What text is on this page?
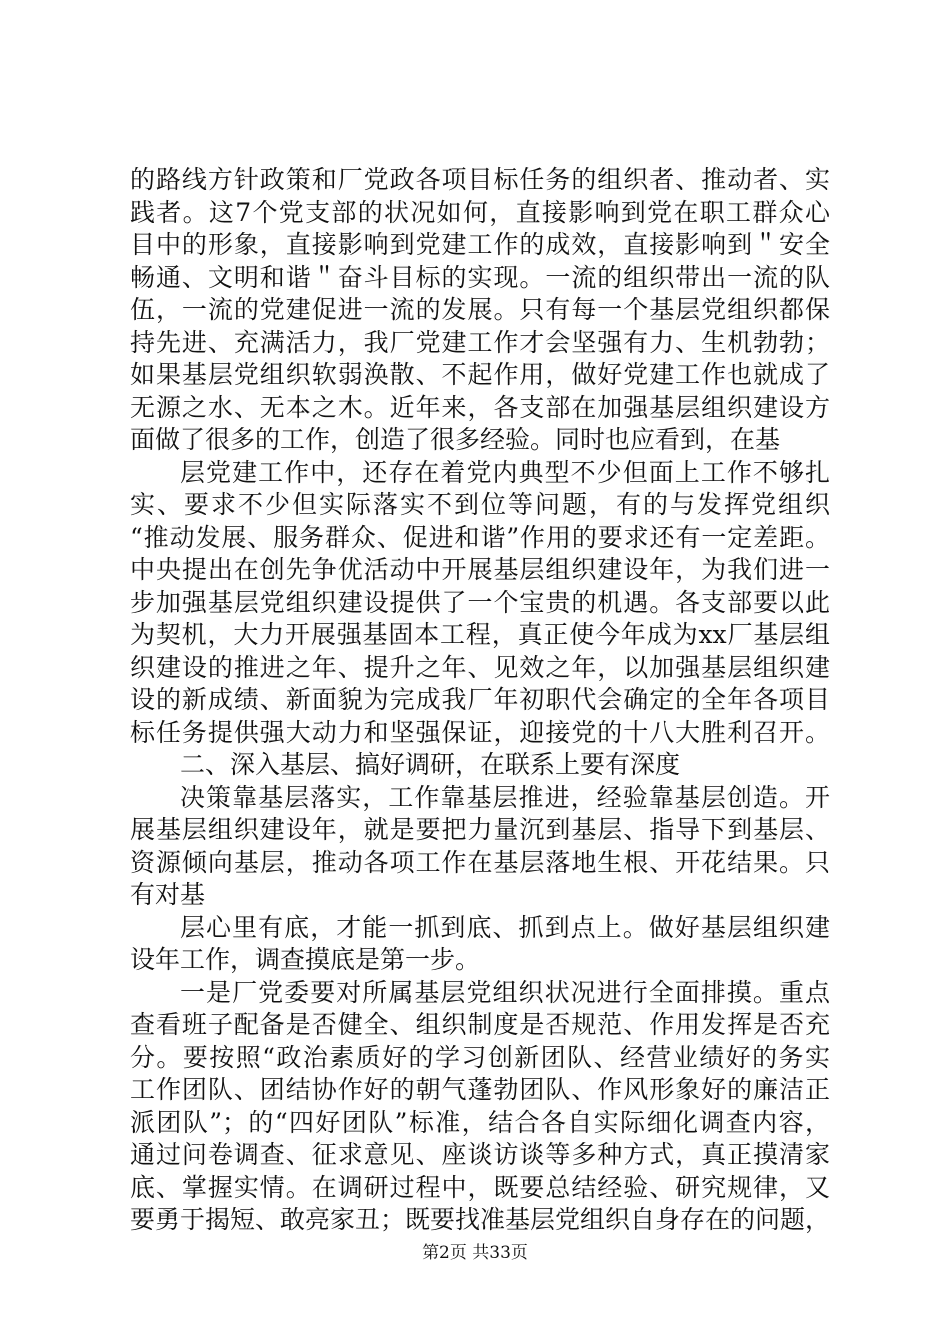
的路线方针政策和厂党政各项目标任务的组织者、推动者、实
践者。这7个党支部的状况如何，直接影响到党在职工群众心
目中的形象，直接影响到党建工作的成效，直接影响到＂安全
畅通、文明和谐＂奋斗目标的实现。一流的组织带出一流的队
伍，一流的党建促进一流的发展。只有每一个基层党组织都保
持先进、充满活力，我厂党建工作才会坚强有力、生机勃勃；
如果基层党组织软弱涣散、不起作用，做好党建工作也就成了
无源之水、无本之木。近年来，各支部在加强基层组织建设方
面做了很多的工作，创造了很多经验。同时也应看到，在基
层党建工作中，还存在着党内典型不少但面上工作不够扎
实、要求不少但实际落实不到位等问题，有的与发挥党组织
“推动发展、服务群众、促进和谐”作用的要求还有一定差距。
中央提出在创先争优活动中开展基层组织建设年，为我们进一
步加强基层党组织建设提供了一个宝贵的机遇。各支部要以此
为契机，大力开展强基固本工程，真正使今年成为xx厂基层组
织建设的推进之年、提升之年、见效之年，以加强基层组织建
设的新成绩、新面貌为完成我厂年初职代会确定的全年各项目
标任务提供强大动力和坚强保证，迎接党的十八大胜利召开。
二、深入基层、搞好调研，在联系上要有深度
决策靠基层落实，工作靠基层推进，经验靠基层创造。开
展基层组织建设年，就是要把力量沉到基层、指导下到基层、
资源倾向基层，推动各项工作在基层落地生根、开花结果。只
有对基
层心里有底，才能一抓到底、抓到点上。做好基层组织建
设年工作，调查摸底是第一步。
一是厂党委要对所属基层党组织状况进行全面排摸。重点
查看班子配备是否健全、组织制度是否规范、作用发挥是否充
分。要按照“政治素质好的学习创新团队、经营业绩好的务实
工作团队、团结协作好的朝气蓬勃团队、作风形象好的廉洁正
派团队”；的“四好团队”标准，结合各自实际细化调查内容，
通过问卷调查、征求意见、座谈访谈等多种方式，真正摸清家
底、掌握实情。在调研过程中，既要总结经验、研究规律，又
要勇于揭短、敢亮家丑；既要找准基层党组织自身存在的问题，
第2页 共33页
